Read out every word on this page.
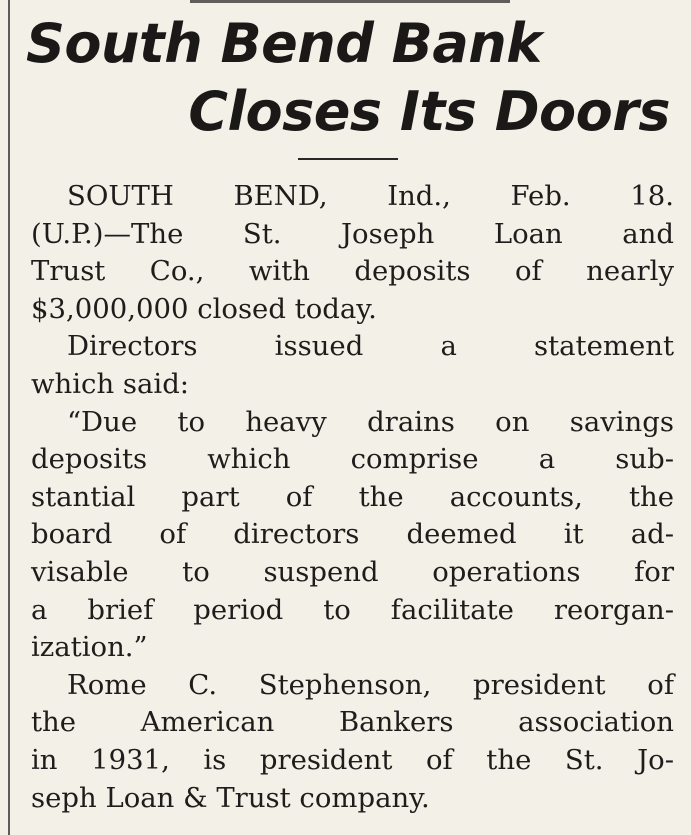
South Bend Bank
Closes Its Doors
SOUTH BEND, Ind., Feb. 18.
(U.P.)—The St. Joseph Loan and
Trust Co., with deposits of nearly
$3,000,000 closed today.
Directors issued a statement
which said:
“Due to heavy drains on savings
deposits which comprise a sub-
stantial part of the accounts, the
board of directors deemed it ad-
visable to suspend operations for
a brief period to facilitate reorgan-
ization.”
Rome C. Stephenson, president of
the American Bankers association
in 1931, is president of the St. Jo-
seph Loan & Trust company.
